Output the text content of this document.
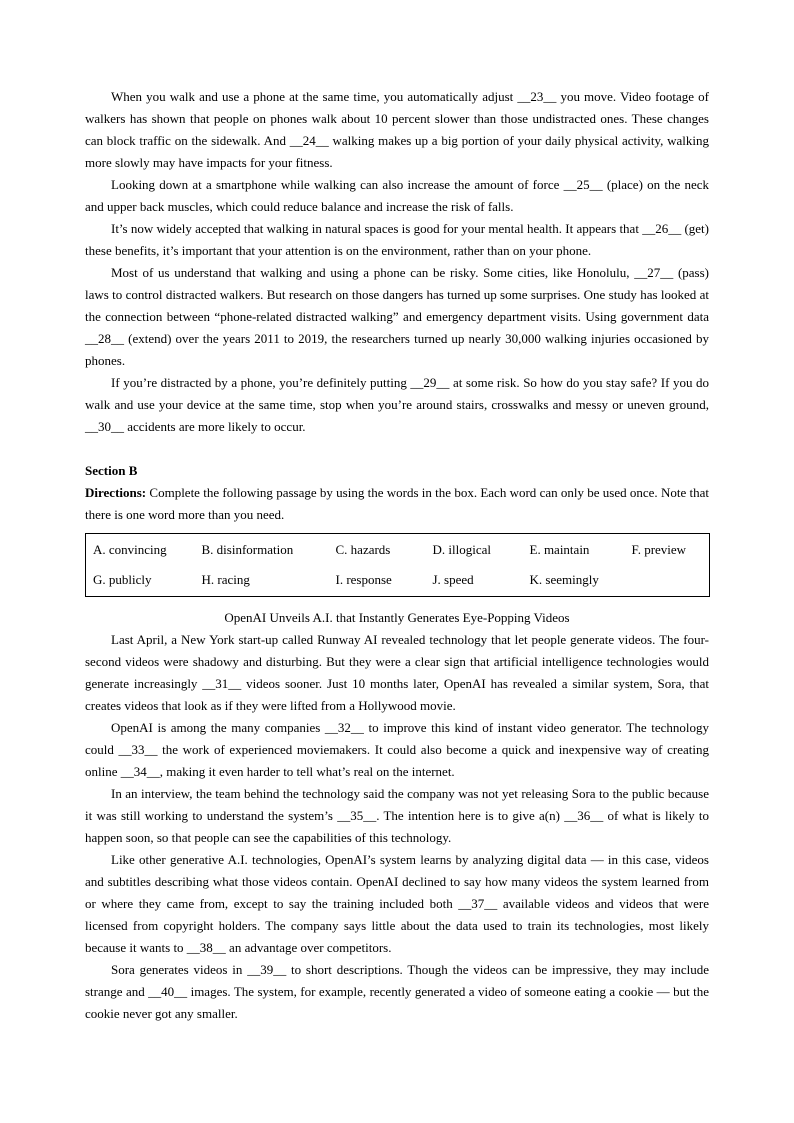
When you walk and use a phone at the same time, you automatically adjust __23__ you move. Video footage of walkers has shown that people on phones walk about 10 percent slower than those undistracted ones. These changes can block traffic on the sidewalk. And __24__ walking makes up a big portion of your daily physical activity, walking more slowly may have impacts for your fitness.

Looking down at a smartphone while walking can also increase the amount of force __25__ (place) on the neck and upper back muscles, which could reduce balance and increase the risk of falls.

It’s now widely accepted that walking in natural spaces is good for your mental health. It appears that __26__ (get) these benefits, it’s important that your attention is on the environment, rather than on your phone.

Most of us understand that walking and using a phone can be risky. Some cities, like Honolulu, __27__ (pass) laws to control distracted walkers. But research on those dangers has turned up some surprises. One study has looked at the connection between “phone-related distracted walking” and emergency department visits. Using government data __28__ (extend) over the years 2011 to 2019, the researchers turned up nearly 30,000 walking injuries occasioned by phones.

If you’re distracted by a phone, you’re definitely putting __29__ at some risk. So how do you stay safe? If you do walk and use your device at the same time, stop when you’re around stairs, crosswalks and messy or uneven ground, __30__ accidents are more likely to occur.

Section B

Directions: Complete the following passage by using the words in the box. Each word can only be used once. Note that there is one word more than you need.

A. convincing	B. disinformation	C. hazards	D. illogical	E. maintain	F. preview
G. publicly	H. racing	I. response	J. speed	K. seemingly	

OpenAI Unveils A.I. that Instantly Generates Eye-Popping Videos

Last April, a New York start-up called Runway AI revealed technology that let people generate videos. The four-second videos were shadowy and disturbing. But they were a clear sign that artificial intelligence technologies would generate increasingly __31__ videos sooner. Just 10 months later, OpenAI has revealed a similar system, Sora, that creates videos that look as if they were lifted from a Hollywood movie.

OpenAI is among the many companies __32__ to improve this kind of instant video generator. The technology could __33__ the work of experienced moviemakers. It could also become a quick and inexpensive way of creating online __34__, making it even harder to tell what’s real on the internet.

In an interview, the team behind the technology said the company was not yet releasing Sora to the public because it was still working to understand the system’s __35__. The intention here is to give a(n) __36__ of what is likely to happen soon, so that people can see the capabilities of this technology.

Like other generative A.I. technologies, OpenAI’s system learns by analyzing digital data — in this case, videos and subtitles describing what those videos contain. OpenAI declined to say how many videos the system learned from or where they came from, except to say the training included both __37__ available videos and videos that were licensed from copyright holders. The company says little about the data used to train its technologies, most likely because it wants to __38__ an advantage over competitors.

Sora generates videos in __39__ to short descriptions. Though the videos can be impressive, they may include strange and __40__ images. The system, for example, recently generated a video of someone eating a cookie — but the cookie never got any smaller.
